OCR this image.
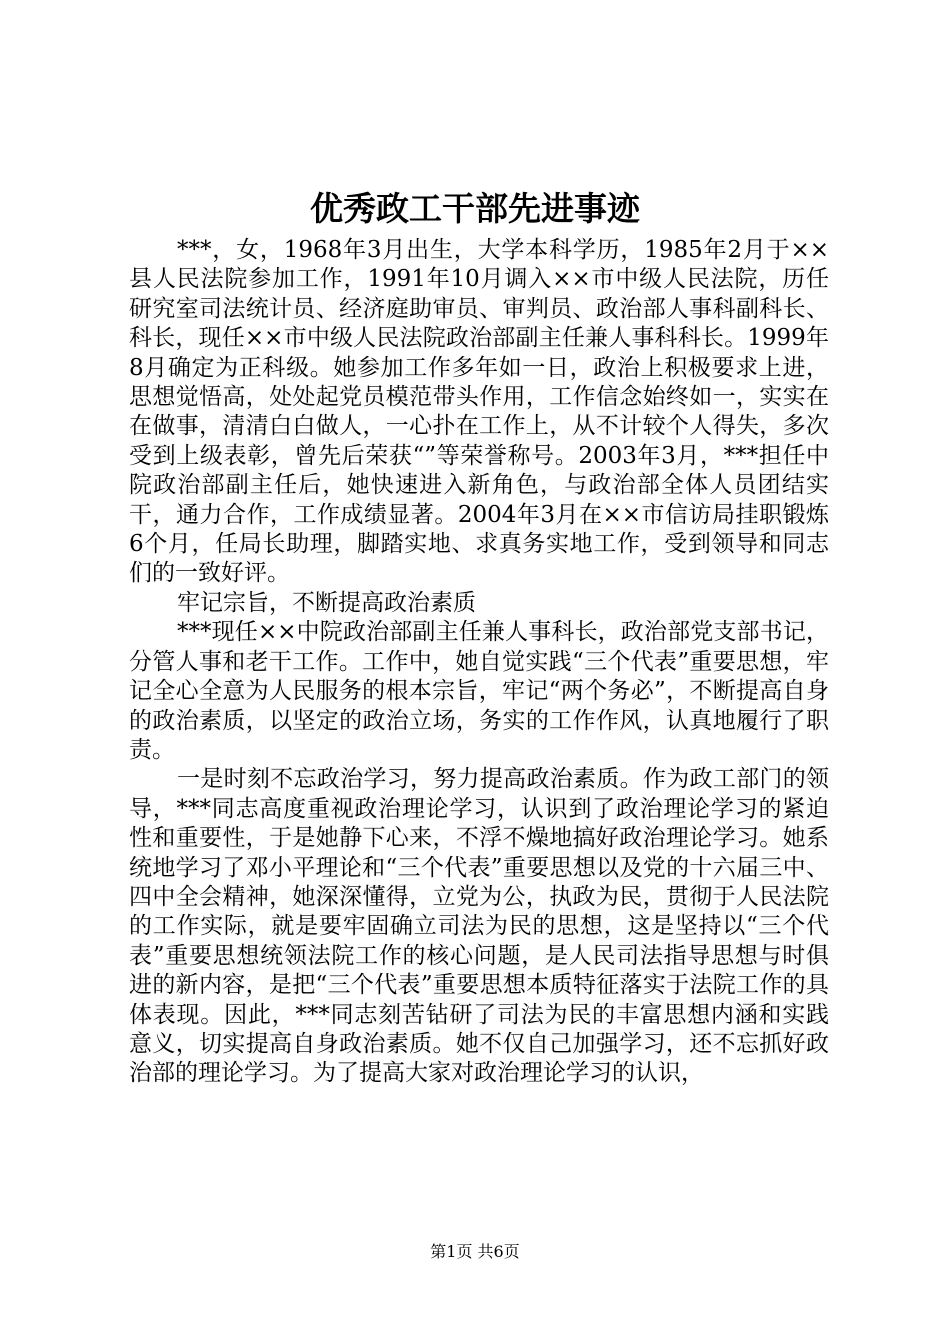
优秀政工干部先进事迹

***，女，1968年3月出生，大学本科学历，1985年2月于××县人民法院参加工作，1991年10月调入××市中级人民法院，历任研究室司法统计员、经济庭助审员、审判员、政治部人事科副科长、科长，现任××市中级人民法院政治部副主任兼人事科科长。1999年8月确定为正科级。她参加工作多年如一日，政治上积极要求上进，思想觉悟高，处处起党员模范带头作用，工作信念始终如一，实实在在做事，清清白白做人，一心扑在工作上，从不计较个人得失，多次受到上级表彰，曾先后荣获“”等荣誉称号。2003年3月，***担任中院政治部副主任后，她快速进入新角色，与政治部全体人员团结实干，通力合作，工作成绩显著。2004年3月在××市信访局挂职锻炼6个月，任局长助理，脚踏实地、求真务实地工作，受到领导和同志们的一致好评。

牢记宗旨，不断提高政治素质

***现任××中院政治部副主任兼人事科长，政治部党支部书记，分管人事和老干工作。工作中，她自觉实践“三个代表”重要思想，牢记全心全意为人民服务的根本宗旨，牢记“两个务必”，不断提高自身的政治素质，以坚定的政治立场，务实的工作作风，认真地履行了职责。

一是时刻不忘政治学习，努力提高政治素质。作为政工部门的领导，***同志高度重视政治理论学习，认识到了政治理论学习的紧迫性和重要性，于是她静下心来，不浮不燥地搞好政治理论学习。她系统地学习了邓小平理论和“三个代表”重要思想以及党的十六届三中、四中全会精神，她深深懂得，立党为公，执政为民，贯彻于人民法院的工作实际，就是要牢固确立司法为民的思想，这是坚持以“三个代表”重要思想统领法院工作的核心问题，是人民司法指导思想与时俱进的新内容，是把“三个代表”重要思想本质特征落实于法院工作的具体表现。因此，***同志刻苦钻研了司法为民的丰富思想内涵和实践意义，切实提高自身政治素质。她不仅自己加强学习，还不忘抓好政治部的理论学习。为了提高大家对政治理论学习的认识，

第1页 共6页
